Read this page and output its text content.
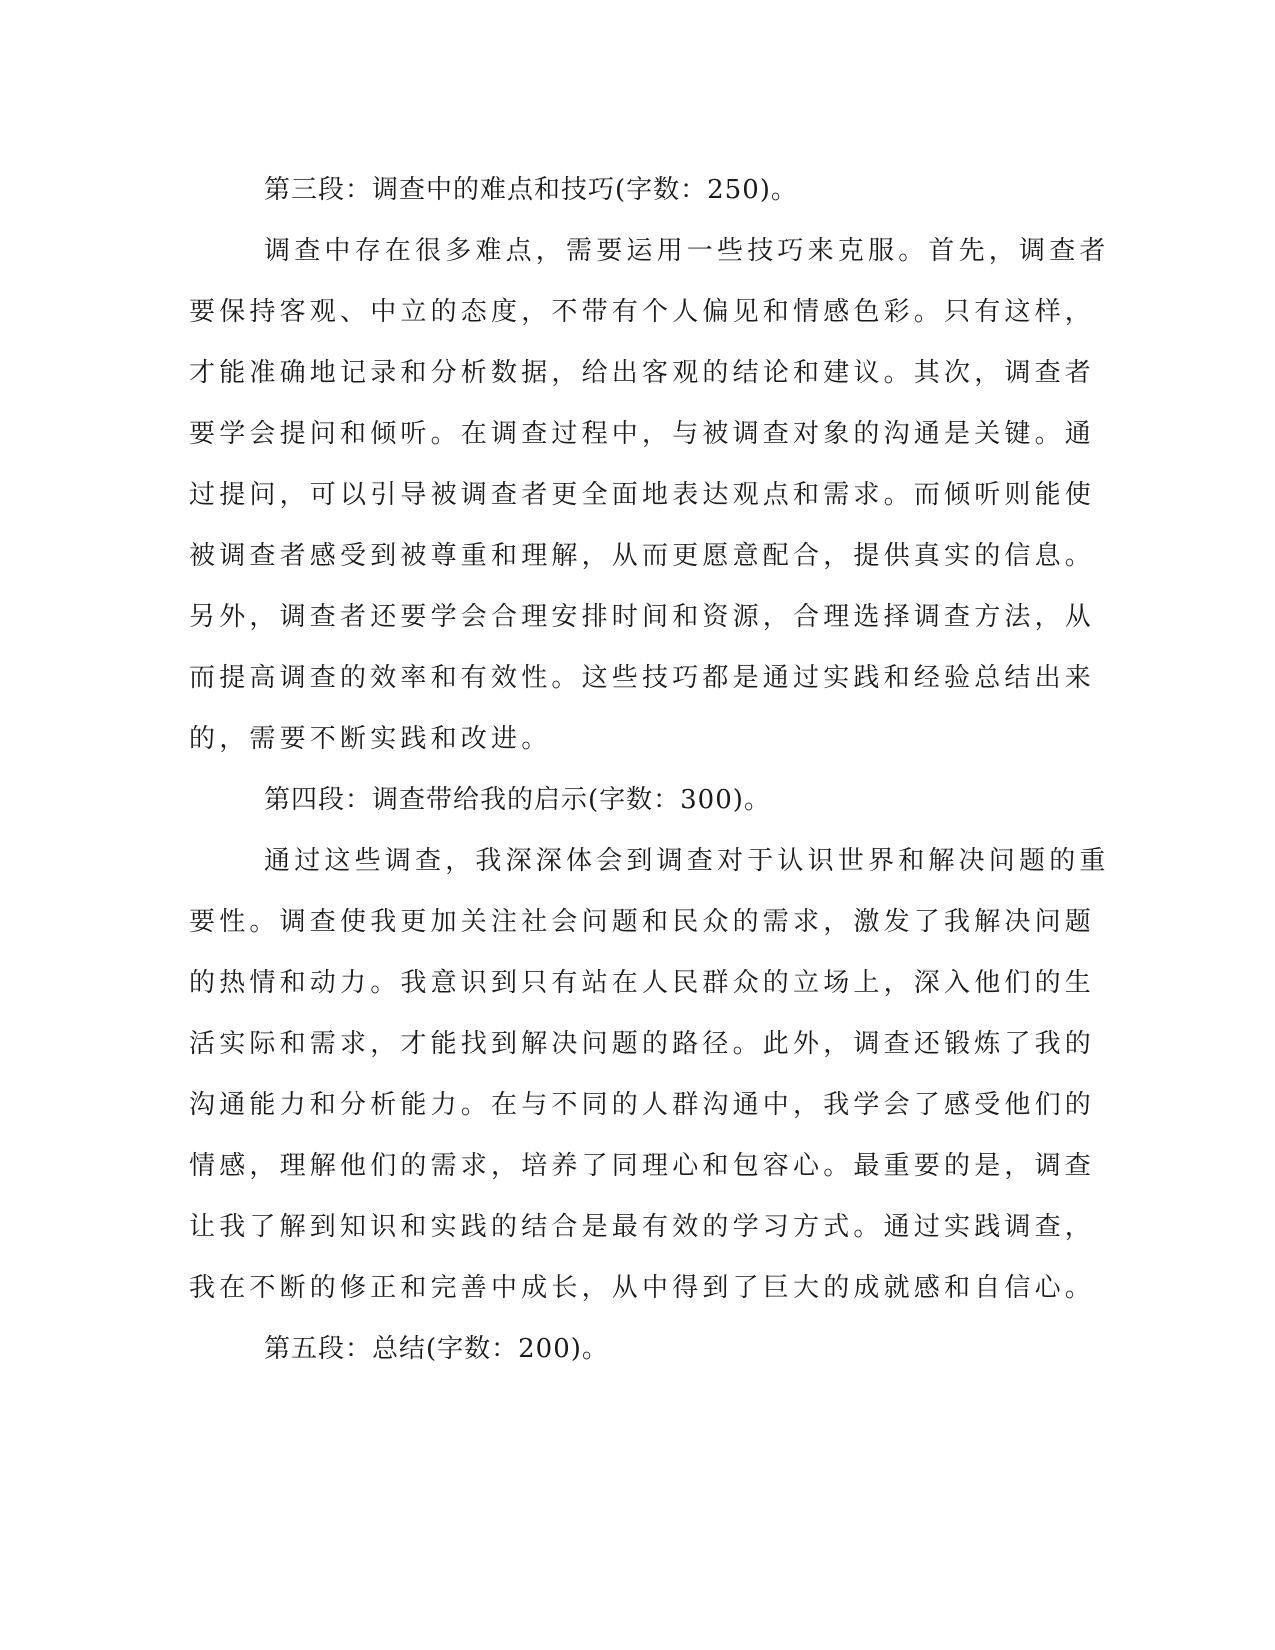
第三段：调查中的难点和技巧(字数：250)。

调查中存在很多难点，需要运用一些技巧来克服。首先，调查者

要保持客观、中立的态度，不带有个人偏见和情感色彩。只有这样，

才能准确地记录和分析数据，给出客观的结论和建议。其次，调查者

要学会提问和倾听。在调查过程中，与被调查对象的沟通是关键。通

过提问，可以引导被调查者更全面地表达观点和需求。而倾听则能使

被调查者感受到被尊重和理解，从而更愿意配合，提供真实的信息。

另外，调查者还要学会合理安排时间和资源，合理选择调查方法，从

而提高调查的效率和有效性。这些技巧都是通过实践和经验总结出来

的，需要不断实践和改进。

第四段：调查带给我的启示(字数：300)。

通过这些调查，我深深体会到调查对于认识世界和解决问题的重

要性。调查使我更加关注社会问题和民众的需求，激发了我解决问题

的热情和动力。我意识到只有站在人民群众的立场上，深入他们的生

活实际和需求，才能找到解决问题的路径。此外，调查还锻炼了我的

沟通能力和分析能力。在与不同的人群沟通中，我学会了感受他们的

情感，理解他们的需求，培养了同理心和包容心。最重要的是，调查

让我了解到知识和实践的结合是最有效的学习方式。通过实践调查，

我在不断的修正和完善中成长，从中得到了巨大的成就感和自信心。

第五段：总结(字数：200)。
